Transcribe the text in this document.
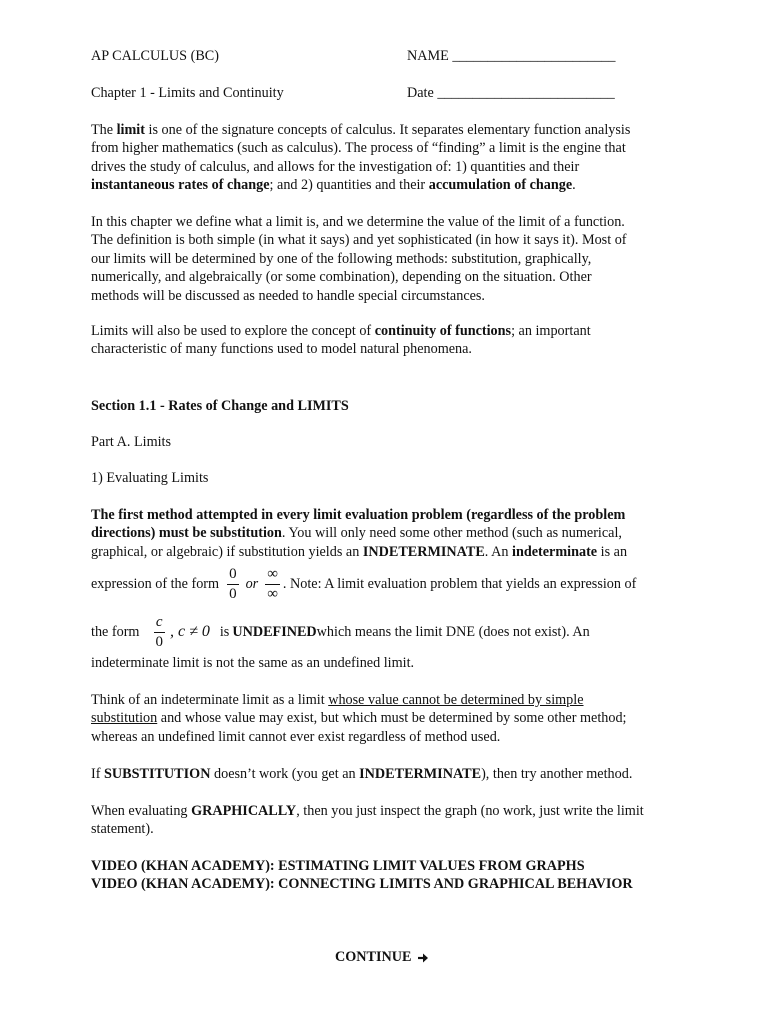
AP CALCULUS (BC)	NAME _______________________
Chapter 1 - Limits and Continuity	Date _________________________
The limit is one of the signature concepts of calculus. It separates elementary function analysis
from higher mathematics (such as calculus). The process of “finding” a limit is the engine that
drives the study of calculus, and allows for the investigation of: 1) quantities and their
instantaneous rates of change; and 2) quantities and their accumulation of change.
In this chapter we define what a limit is, and we determine the value of the limit of a function.
The definition is both simple (in what it says) and yet sophisticated (in how it says it). Most of
our limits will be determined by one of the following methods: substitution, graphically,
numerically, and algebraically (or some combination), depending on the situation. Other
methods will be discussed as needed to handle special circumstances.
Limits will also be used to explore the concept of continuity of functions; an important
characteristic of many functions used to model natural phenomena.
Section 1.1 - Rates of Change and LIMITS
Part A. Limits
1) Evaluating Limits
The first method attempted in every limit evaluation problem (regardless of the problem
directions) must be substitution. You will only need some other method (such as numerical,
graphical, or algebraic) if substitution yields an INDETERMINATE. An indeterminate is an
expression of the form $\frac{0}{0}$ or $\frac{\infty}{\infty}$ . Note: A limit evaluation problem that yields an expression of
the form $\frac{c}{0}$ , c ≠ 0 is UNDEFINED which means the limit DNE (does not exist). An
indeterminate limit is not the same as an undefined limit.
Think of an indeterminate limit as a limit whose value cannot be determined by simple
substitution and whose value may exist, but which must be determined by some other method;
whereas an undefined limit cannot ever exist regardless of method used.
If SUBSTITUTION doesn’t work (you get an INDETERMINATE), then try another method.
When evaluating GRAPHICALLY, then you just inspect the graph (no work, just write the limit
statement).
VIDEO (KHAN ACADEMY): ESTIMATING LIMIT VALUES FROM GRAPHS
VIDEO (KHAN ACADEMY): CONNECTING LIMITS AND GRAPHICAL BEHAVIOR
CONTINUE
